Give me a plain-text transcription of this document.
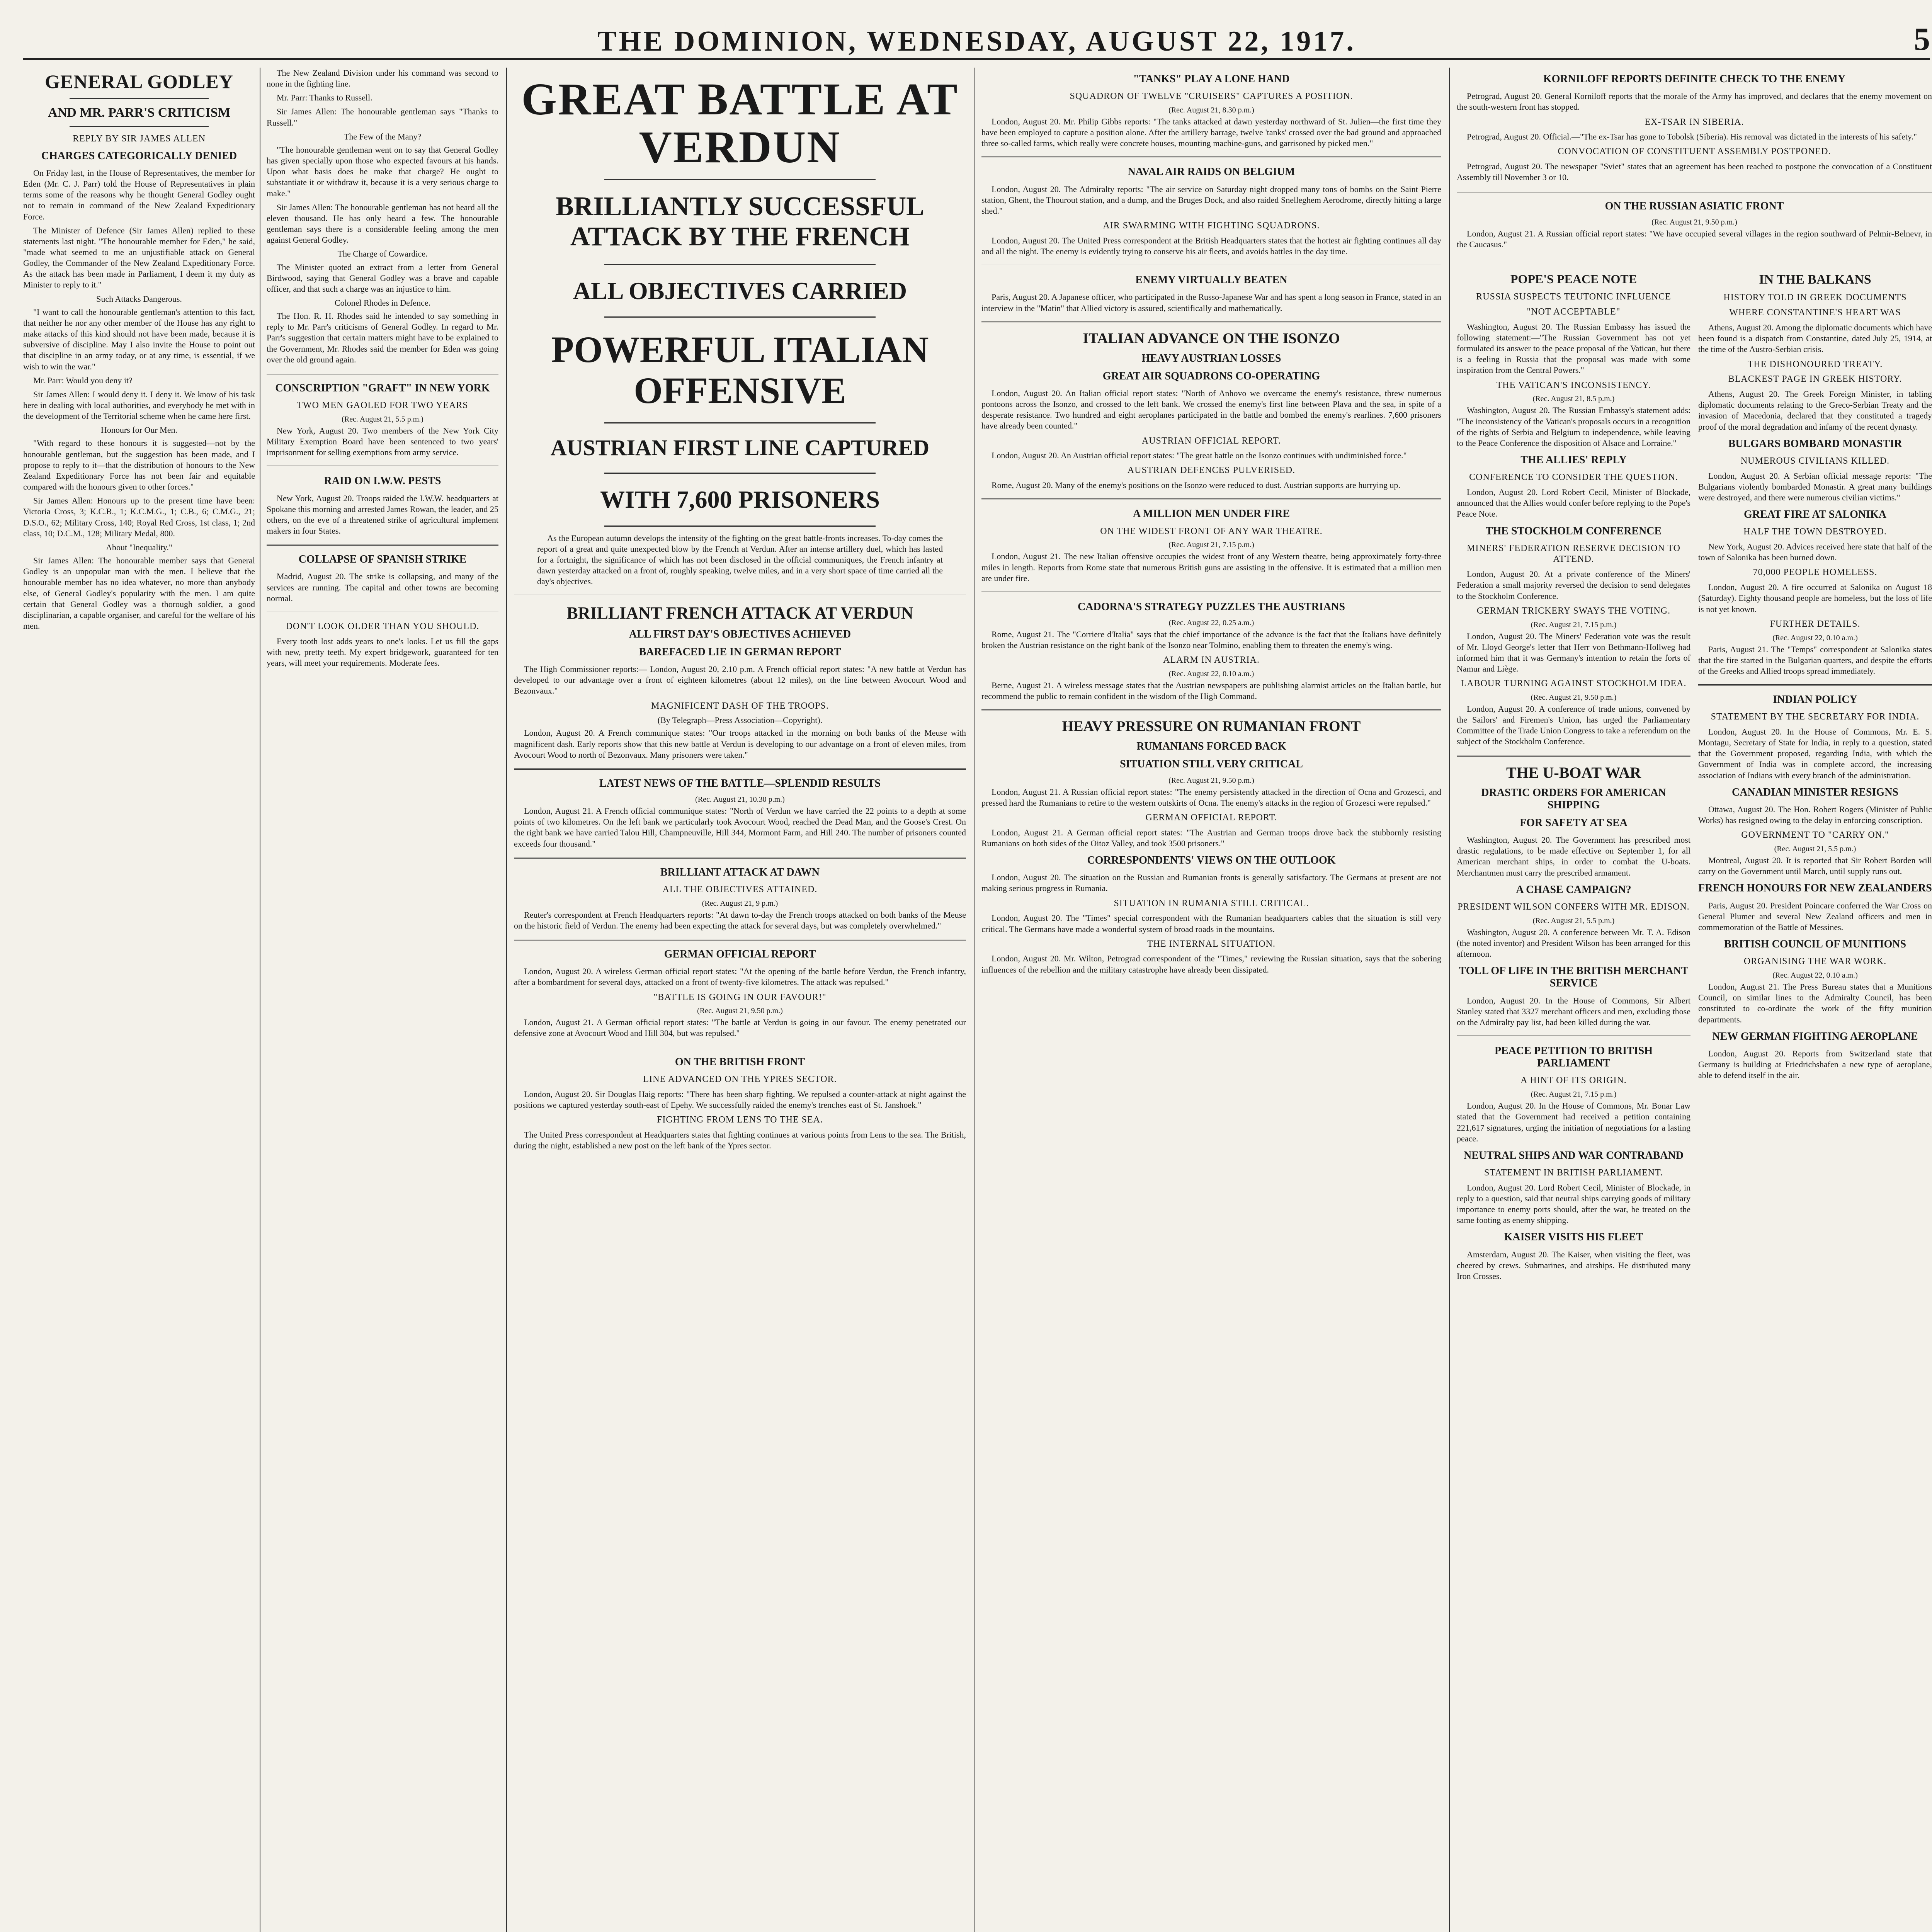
THE DOMINION, WEDNESDAY, AUGUST 22, 1917.	5
GENERAL GODLEY
AND MR. PARR'S CRITICISM
REPLY BY SIR JAMES ALLEN
CHARGES CATEGORICALLY DENIED

On Friday last, in the House of Representatives, the member for Eden (Mr. C. J. Parr) told the House of Representatives in plain terms some of the reasons why he thought General Godley ought not to remain in command of the New Zealand Expeditionary Force.

The Minister of Defence (Sir James Allen) replied to these statements last night. "The honourable member for Eden," he said, "made what seemed to me an unjustifiable attack on General Godley, the Commander of the New Zealand Expeditionary Force. As the attack has been made in Parliament, I deem it my duty as Minister to reply to it."

Such Attacks Dangerous.

"I want to call the honourable gentleman's attention to this fact, that neither he nor any other member of the House has any right to make attacks of this kind should not have been made, because it is subversive of discipline. May I also invite the House to point out that discipline in an army today, or at any time, is essential, if we wish to win the war."

Mr. Parr: Would you deny it?

Sir James Allen: I would deny it. I deny it. We know of his task here in dealing with local authorities, and everybody he met with in the development of the Territorial scheme when he came here first.

Honours for Our Men.

"With regard to these honours it is suggested—not by the honourable gentleman, but the suggestion has been made, and I propose to reply to it—that the distribution of honours to the New Zealand Expeditionary Force has not been fair and equitable compared with the honours given to other forces."

Sir James Allen: Honours up to the present time have been: Victoria Cross, 3; K.C.B., 1; K.C.M.G., 1; C.B., 6; C.M.G., 21; D.S.O., 62; Military Cross, 140; Royal Red Cross, 1st class, 1; 2nd class, 10; D.C.M., 128; Military Medal, 800.

About "Inequality."

Sir James Allen: The honourable member says that General Godley is an unpopular man with the men. I believe that the honourable member has no idea whatever, no more than anybody else, of General Godley's popularity with the men. I am quite certain that General Godley was a thorough soldier, a good disciplinarian, a capable organiser, and careful for the welfare of his men.

The New Zealand Division under his command was second to none in the fighting line.

Mr. Parr: Thanks to Russell.

Sir James Allen: The honourable gentleman says "Thanks to Russell."

The Few of the Many?

"The honourable gentleman went on to say that General Godley has given specially upon those who expected favours at his hands. Upon what basis does he make that charge? He ought to substantiate it or withdraw it, because it is a very serious charge to make."

Sir James Allen: The honourable gentleman has not heard all the eleven thousand. He has only heard a few. The honourable gentleman says there is a considerable feeling among the men against General Godley.

The Charge of Cowardice.

The Minister quoted an extract from a letter from General Birdwood, saying that General Godley was a brave and capable officer, and that such a charge was an injustice to him.

Colonel Rhodes in Defence.

The Hon. R. H. Rhodes said he intended to say something in reply to Mr. Parr's criticisms of General Godley. In regard to Mr. Parr's suggestion that certain matters might have to be explained to the Government, Mr. Rhodes said the member for Eden was going over the old ground again.

CONSCRIPTION "GRAFT" IN NEW YORK
TWO MEN GAOLED FOR TWO YEARS
(Rec. August 21, 5.5 p.m.)

New York, August 20. Two members of the New York City Military Exemption Board have been sentenced to two years' imprisonment for selling exemptions from army service.

RAID ON I.W.W. PESTS

New York, August 20. Troops raided the I.W.W. headquarters at Spokane this morning and arrested James Rowan, the leader, and 25 others, on the eve of a threatened strike of agricultural implement makers in four States.

COLLAPSE OF SPANISH STRIKE

Madrid, August 20. The strike is collapsing, and many of the services are running. The capital and other towns are becoming normal.

DON'T LOOK OLDER THAN YOU SHOULD.

Every tooth lost adds years to one's looks. Let us fill the gaps with new, pretty teeth. My expert bridgework, guaranteed for ten years, will meet your requirements. Moderate fees.

GREAT BATTLE AT VERDUN
BRILLIANTLY SUCCESSFUL ATTACK BY THE FRENCH
ALL OBJECTIVES CARRIED
POWERFUL ITALIAN OFFENSIVE
AUSTRIAN FIRST LINE CAPTURED
WITH 7,600 PRISONERS

As the European autumn develops the intensity of the fighting on the great battle-fronts increases. To-day comes the report of a great and quite unexpected blow by the French at Verdun. After an intense artillery duel, which has lasted for a fortnight, the significance of which has not been disclosed in the official communiques, the French infantry at dawn yesterday attacked on a front of, roughly speaking, twelve miles, and in a very short space of time carried all the day's objectives.

BRILLIANT FRENCH ATTACK AT VERDUN
ALL FIRST DAY'S OBJECTIVES ACHIEVED
BAREFACED LIE IN GERMAN REPORT

The High Commissioner reports:— London, August 20, 2.10 p.m. A French official report states: "A new battle at Verdun has developed to our advantage over a front of eighteen kilometres (about 12 miles), on the line between Avocourt Wood and Bezonvaux."

MAGNIFICENT DASH OF THE TROOPS.
(By Telegraph—Press Association—Copyright).

London, August 20. A French communique states: "Our troops attacked in the morning on both banks of the Meuse with magnificent dash. Early reports show that this new battle at Verdun is developing to our advantage on a front of eleven miles, from Avocourt Wood to north of Bezonvaux. Many prisoners were taken."

LATEST NEWS OF THE BATTLE—SPLENDID RESULTS
(Rec. August 21, 10.30 p.m.)

London, August 21. A French official communique states: "North of Verdun we have carried the 22 points to a depth at some points of two kilometres. On the left bank we particularly took Avocourt Wood, reached the Dead Man, and the Goose's Crest. On the right bank we have carried Talou Hill, Champneuville, Hill 344, Mormont Farm, and Hill 240. The number of prisoners counted exceeds four thousand."

BRILLIANT ATTACK AT DAWN
ALL THE OBJECTIVES ATTAINED.
(Rec. August 21, 9 p.m.)

Reuter's correspondent at French Headquarters reports: "At dawn to-day the French troops attacked on both banks of the Meuse on the historic field of Verdun. The enemy had been expecting the attack for several days, but was completely overwhelmed."

GERMAN OFFICIAL REPORT

London, August 20. A wireless German official report states: "At the opening of the battle before Verdun, the French infantry, after a bombardment for several days, attacked on a front of twenty-five kilometres. The attack was repulsed."

"BATTLE IS GOING IN OUR FAVOUR!"
(Rec. August 21, 9.50 p.m.)

London, August 21. A German official report states: "The battle at Verdun is going in our favour. The enemy penetrated our defensive zone at Avocourt Wood and Hill 304, but was repulsed."

ON THE BRITISH FRONT
LINE ADVANCED ON THE YPRES SECTOR.

London, August 20. Sir Douglas Haig reports: "There has been sharp fighting. We repulsed a counter-attack at night against the positions we captured yesterday south-east of Epehy. We successfully raided the enemy's trenches east of St. Janshoek."

FIGHTING FROM LENS TO THE SEA.

The United Press correspondent at Headquarters states that fighting continues at various points from Lens to the sea. The British, during the night, established a new post on the left bank of the Ypres sector.

"TANKS" PLAY A LONE HAND
SQUADRON OF TWELVE "CRUISERS" CAPTURES A POSITION.
(Rec. August 21, 8.30 p.m.)

London, August 20. Mr. Philip Gibbs reports: "The tanks attacked at dawn yesterday northward of St. Julien—the first time they have been employed to capture a position alone. After the artillery barrage, twelve 'tanks' crossed over the bad ground and approached three so-called farms, which really were concrete houses, mounting machine-guns, and garrisoned by picked men."

NAVAL AIR RAIDS ON BELGIUM

London, August 20. The Admiralty reports: "The air service on Saturday night dropped many tons of bombs on the Saint Pierre station, Ghent, the Thourout station, and a dump, and the Bruges Dock, and also raided Snelleghem Aerodrome, directly hitting a large shed."

AIR SWARMING WITH FIGHTING SQUADRONS.

London, August 20. The United Press correspondent at the British Headquarters states that the hottest air fighting continues all day and all the night. The enemy is evidently trying to conserve his air fleets, and avoids battles in the day time.

ENEMY VIRTUALLY BEATEN

Paris, August 20. A Japanese officer, who participated in the Russo-Japanese War and has spent a long season in France, stated in an interview in the "Matin" that Allied victory is assured, scientifically and mathematically.

ITALIAN ADVANCE ON THE ISONZO
HEAVY AUSTRIAN LOSSES
GREAT AIR SQUADRONS CO-OPERATING

London, August 20. An Italian official report states: "North of Anhovo we overcame the enemy's resistance, threw numerous pontoons across the Isonzo, and crossed to the left bank. We crossed the enemy's first line between Plava and the sea, in spite of a desperate resistance. Two hundred and eight aeroplanes participated in the battle and bombed the enemy's rearlines. 7,600 prisoners have already been counted."

AUSTRIAN OFFICIAL REPORT.

London, August 20. An Austrian official report states: "The great battle on the Isonzo continues with undiminished force."

AUSTRIAN DEFENCES PULVERISED.

Rome, August 20. Many of the enemy's positions on the Isonzo were reduced to dust. Austrian supports are hurrying up.

A MILLION MEN UNDER FIRE
ON THE WIDEST FRONT OF ANY WAR THEATRE.
(Rec. August 21, 7.15 p.m.)

London, August 21. The new Italian offensive occupies the widest front of any Western theatre, being approximately forty-three miles in length. Reports from Rome state that numerous British guns are assisting in the offensive. It is estimated that a million men are under fire.

CADORNA'S STRATEGY PUZZLES THE AUSTRIANS
(Rec. August 22, 0.25 a.m.)

Rome, August 21. The "Corriere d'Italia" says that the chief importance of the advance is the fact that the Italians have definitely broken the Austrian resistance on the right bank of the Isonzo near Tolmino, enabling them to threaten the enemy's wing.

ALARM IN AUSTRIA.
(Rec. August 22, 0.10 a.m.)

Berne, August 21. A wireless message states that the Austrian newspapers are publishing alarmist articles on the Italian battle, but recommend the public to remain confident in the wisdom of the High Command.

HEAVY PRESSURE ON RUMANIAN FRONT
RUMANIANS FORCED BACK
SITUATION STILL VERY CRITICAL
(Rec. August 21, 9.50 p.m.)

London, August 21. A Russian official report states: "The enemy persistently attacked in the direction of Ocna and Grozesci, and pressed hard the Rumanians to retire to the western outskirts of Ocna. The enemy's attacks in the region of Grozesci were repulsed."

GERMAN OFFICIAL REPORT.

London, August 21. A German official report states: "The Austrian and German troops drove back the stubbornly resisting Rumanians on both sides of the Oitoz Valley, and took 3500 prisoners."

CORRESPONDENTS' VIEWS ON THE OUTLOOK

London, August 20. The situation on the Russian and Rumanian fronts is generally satisfactory. The Germans at present are not making serious progress in Rumania.

SITUATION IN RUMANIA STILL CRITICAL.

London, August 20. The "Times" special correspondent with the Rumanian headquarters cables that the situation is still very critical. The Germans have made a wonderful system of broad roads in the mountains.

THE INTERNAL SITUATION.

London, August 20. Mr. Wilton, Petrograd correspondent of the "Times," reviewing the Russian situation, says that the sobering influences of the rebellion and the military catastrophe have already been dissipated.

KORNILOFF REPORTS DEFINITE CHECK TO THE ENEMY

Petrograd, August 20. General Korniloff reports that the morale of the Army has improved, and declares that the enemy movement on the south-western front has stopped.

EX-TSAR IN SIBERIA.

Petrograd, August 20. Official.—"The ex-Tsar has gone to Tobolsk (Siberia). His removal was dictated in the interests of his safety."

CONVOCATION OF CONSTITUENT ASSEMBLY POSTPONED.

Petrograd, August 20. The newspaper "Sviet" states that an agreement has been reached to postpone the convocation of a Constituent Assembly till November 3 or 10.

ON THE RUSSIAN ASIATIC FRONT
(Rec. August 21, 9.50 p.m.)

London, August 21. A Russian official report states: "We have occupied several villages in the region southward of Pelmir-Belnevr, in the Caucasus."

POPE'S PEACE NOTE
RUSSIA SUSPECTS TEUTONIC INFLUENCE
"NOT ACCEPTABLE"

Washington, August 20. The Russian Embassy has issued the following statement:—"The Russian Government has not yet formulated its answer to the peace proposal of the Vatican, but there is a feeling in Russia that the proposal was made with some inspiration from the Central Powers."

THE VATICAN'S INCONSISTENCY.
(Rec. August 21, 8.5 p.m.)

Washington, August 20. The Russian Embassy's statement adds: "The inconsistency of the Vatican's proposals occurs in a recognition of the rights of Serbia and Belgium to independence, while leaving to the Peace Conference the disposition of Alsace and Lorraine."

THE ALLIES' REPLY
CONFERENCE TO CONSIDER THE QUESTION.

London, August 20. Lord Robert Cecil, Minister of Blockade, announced that the Allies would confer before replying to the Pope's Peace Note.

THE STOCKHOLM CONFERENCE
MINERS' FEDERATION RESERVE DECISION TO ATTEND.

London, August 20. At a private conference of the Miners' Federation a small majority reversed the decision to send delegates to the Stockholm Conference.

GERMAN TRICKERY SWAYS THE VOTING.
(Rec. August 21, 7.15 p.m.)

London, August 20. The Miners' Federation vote was the result of Mr. Lloyd George's letter that Herr von Bethmann-Hollweg had informed him that it was Germany's intention to retain the forts of Namur and Liège.

LABOUR TURNING AGAINST STOCKHOLM IDEA.
(Rec. August 21, 9.50 p.m.)

London, August 20. A conference of trade unions, convened by the Sailors' and Firemen's Union, has urged the Parliamentary Committee of the Trade Union Congress to take a referendum on the subject of the Stockholm Conference.

THE U-BOAT WAR
DRASTIC ORDERS FOR AMERICAN SHIPPING
FOR SAFETY AT SEA

Washington, August 20. The Government has prescribed most drastic regulations, to be made effective on September 1, for all American merchant ships, in order to combat the U-boats. Merchantmen must carry the prescribed armament.

A CHASE CAMPAIGN?
PRESIDENT WILSON CONFERS WITH MR. EDISON.
(Rec. August 21, 5.5 p.m.)

Washington, August 20. A conference between Mr. T. A. Edison (the noted inventor) and President Wilson has been arranged for this afternoon.

TOLL OF LIFE IN THE BRITISH MERCHANT SERVICE

London, August 20. In the House of Commons, Sir Albert Stanley stated that 3327 merchant officers and men, excluding those on the Admiralty pay list, had been killed during the war.

PEACE PETITION TO BRITISH PARLIAMENT
A HINT OF ITS ORIGIN.
(Rec. August 21, 7.15 p.m.)

London, August 20. In the House of Commons, Mr. Bonar Law stated that the Government had received a petition containing 221,617 signatures, urging the initiation of negotiations for a lasting peace.

NEUTRAL SHIPS AND WAR CONTRABAND
STATEMENT IN BRITISH PARLIAMENT.

London, August 20. Lord Robert Cecil, Minister of Blockade, in reply to a question, said that neutral ships carrying goods of military importance to enemy ports should, after the war, be treated on the same footing as enemy shipping.

KAISER VISITS HIS FLEET

Amsterdam, August 20. The Kaiser, when visiting the fleet, was cheered by crews. Submarines, and airships. He distributed many Iron Crosses.

IN THE BALKANS
HISTORY TOLD IN GREEK DOCUMENTS
WHERE CONSTANTINE'S HEART WAS

Athens, August 20. Among the diplomatic documents which have been found is a dispatch from Constantine, dated July 25, 1914, at the time of the Austro-Serbian crisis.

THE DISHONOURED TREATY.
BLACKEST PAGE IN GREEK HISTORY.

Athens, August 20. The Greek Foreign Minister, in tabling diplomatic documents relating to the Greco-Serbian Treaty and the invasion of Macedonia, declared that they constituted a tragedy proof of the moral degradation and infamy of the recent dynasty.

BULGARS BOMBARD MONASTIR
NUMEROUS CIVILIANS KILLED.

London, August 20. A Serbian official message reports: "The Bulgarians violently bombarded Monastir. A great many buildings were destroyed, and there were numerous civilian victims."

GREAT FIRE AT SALONIKA
HALF THE TOWN DESTROYED.

New York, August 20. Advices received here state that half of the town of Salonika has been burned down.

70,000 PEOPLE HOMELESS.

London, August 20. A fire occurred at Salonika on August 18 (Saturday). Eighty thousand people are homeless, but the loss of life is not yet known.

FURTHER DETAILS.
(Rec. August 22, 0.10 a.m.)

Paris, August 21. The "Temps" correspondent at Salonika states that the fire started in the Bulgarian quarters, and despite the efforts of the Greeks and Allied troops spread immediately.

INDIAN POLICY
STATEMENT BY THE SECRETARY FOR INDIA.

London, August 20. In the House of Commons, Mr. E. S. Montagu, Secretary of State for India, in reply to a question, stated that the Government proposed, regarding India, with which the Government of India was in complete accord, the increasing association of Indians with every branch of the administration.

CANADIAN MINISTER RESIGNS

Ottawa, August 20. The Hon. Robert Rogers (Minister of Public Works) has resigned owing to the delay in enforcing conscription.

GOVERNMENT TO "CARRY ON."
(Rec. August 21, 5.5 p.m.)

Montreal, August 20. It is reported that Sir Robert Borden will carry on the Government until March, until supply runs out.

FRENCH HONOURS FOR NEW ZEALANDERS

Paris, August 20. President Poincare conferred the War Cross on General Plumer and several New Zealand officers and men in commemoration of the Battle of Messines.

BRITISH COUNCIL OF MUNITIONS
ORGANISING THE WAR WORK.
(Rec. August 22, 0.10 a.m.)

London, August 21. The Press Bureau states that a Munitions Council, on similar lines to the Admiralty Council, has been constituted to co-ordinate the work of the fifty munition departments.

NEW GERMAN FIGHTING AEROPLANE

London, August 20. Reports from Switzerland state that Germany is building at Friedrichshafen a new type of aeroplane, able to defend itself in the air.
